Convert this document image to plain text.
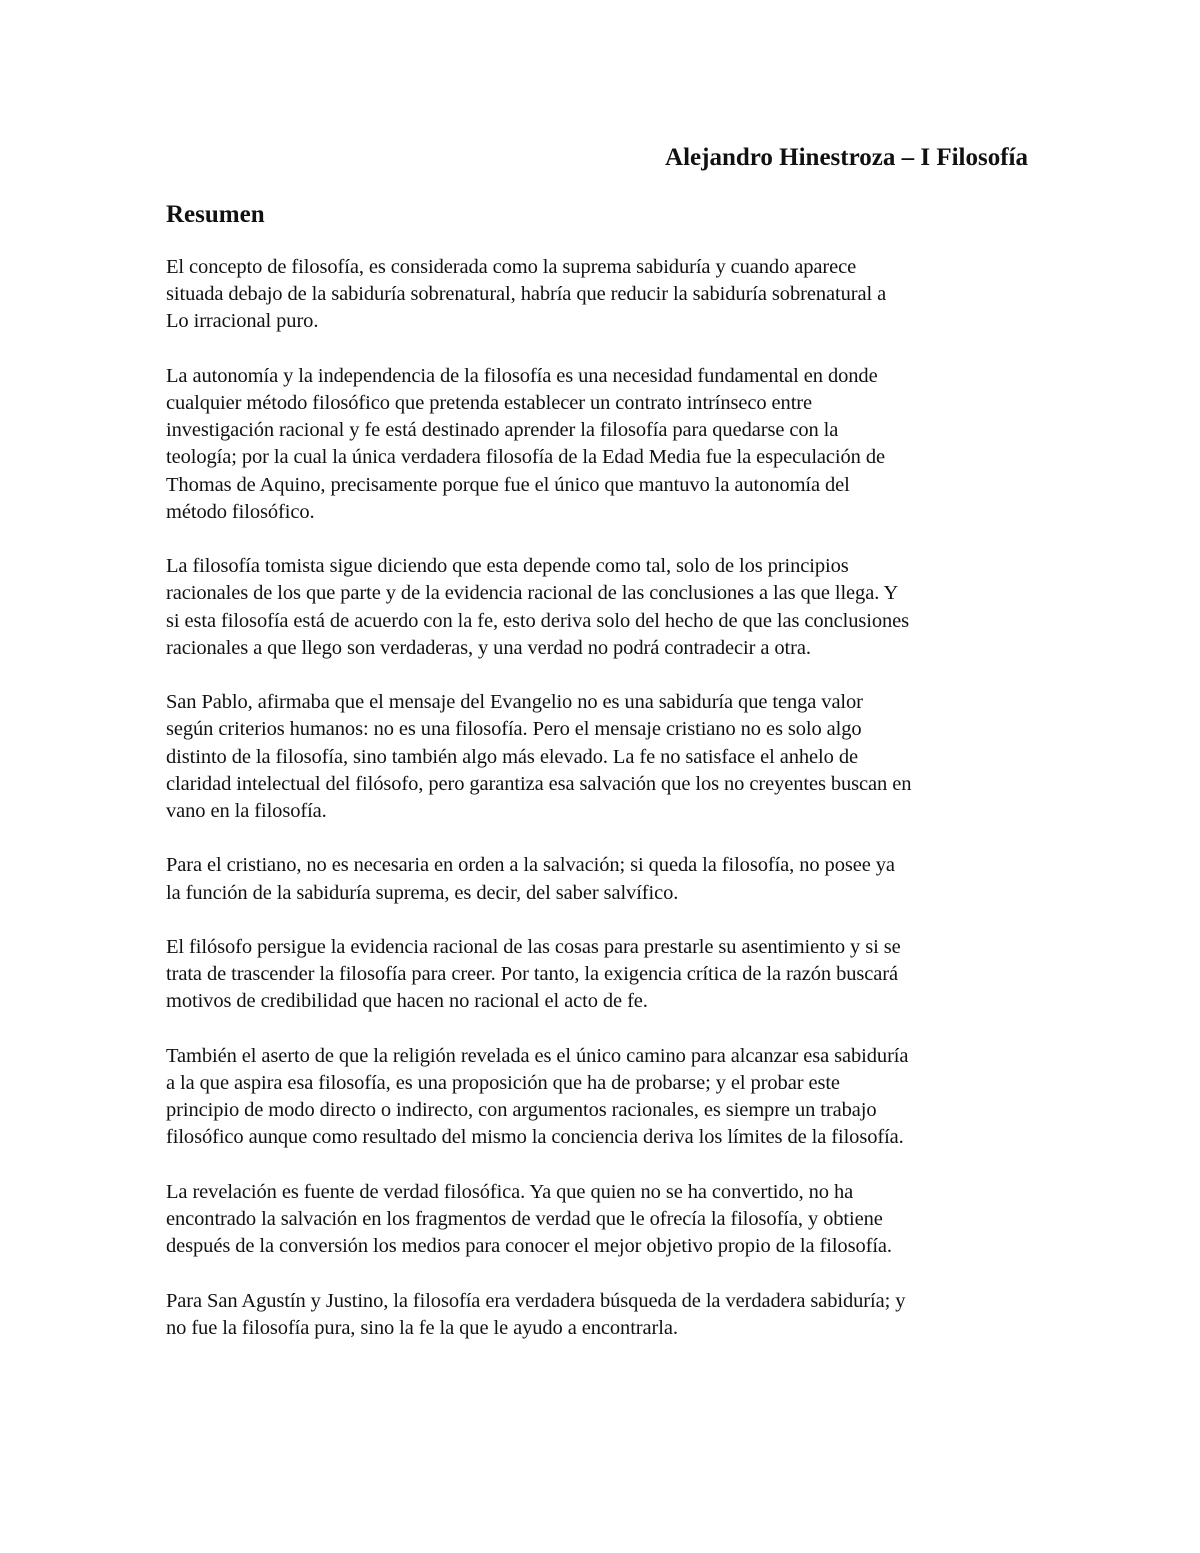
Alejandro Hinestroza – I Filosofía
Resumen

El concepto de filosofía, es considerada como la suprema sabiduría y cuando aparece
situada debajo de la sabiduría sobrenatural, habría que reducir la sabiduría sobrenatural a
Lo irracional puro.

La autonomía y la independencia de la filosofía es una necesidad fundamental en donde
cualquier método filosófico que pretenda establecer un contrato intrínseco entre
investigación racional y fe está destinado aprender la filosofía para quedarse con la
teología; por la cual la única verdadera filosofía de la Edad Media fue la especulación de
Thomas de Aquino, precisamente porque fue el único que mantuvo la autonomía del
método filosófico.

La filosofía tomista sigue diciendo que esta depende como tal, solo de los principios
racionales de los que parte y de la evidencia racional de las conclusiones a las que llega. Y
si esta filosofía está de acuerdo con la fe, esto deriva solo del hecho de que las conclusiones
racionales a que llego son verdaderas, y una verdad no podrá contradecir a otra.

San Pablo, afirmaba que el mensaje del Evangelio no es una sabiduría que tenga valor
según criterios humanos: no es una filosofía. Pero el mensaje cristiano no es solo algo
distinto de la filosofía, sino también algo más elevado. La fe no satisface el anhelo de
claridad intelectual del filósofo, pero garantiza esa salvación que los no creyentes buscan en
vano en la filosofía.

Para el cristiano, no es necesaria en orden a la salvación; si queda la filosofía, no posee ya
la función de la sabiduría suprema, es decir, del saber salvífico.

El filósofo persigue la evidencia racional de las cosas para prestarle su asentimiento y si se
trata de trascender la filosofía para creer. Por tanto, la exigencia crítica de la razón buscará
motivos de credibilidad que hacen no racional el acto de fe.

También el aserto de que la religión revelada es el único camino para alcanzar esa sabiduría
a la que aspira esa filosofía, es una proposición que ha de probarse; y el probar este
principio de modo directo o indirecto, con argumentos racionales, es siempre un trabajo
filosófico aunque como resultado del mismo la conciencia deriva los límites de la filosofía.

La revelación es fuente de verdad filosófica. Ya que quien no se ha convertido, no ha
encontrado la salvación en los fragmentos de verdad que le ofrecía la filosofía, y obtiene
después de la conversión los medios para conocer el mejor objetivo propio de la filosofía.

Para San Agustín y Justino, la filosofía era verdadera búsqueda de la verdadera sabiduría; y
no fue la filosofía pura, sino la fe la que le ayudo a encontrarla.
